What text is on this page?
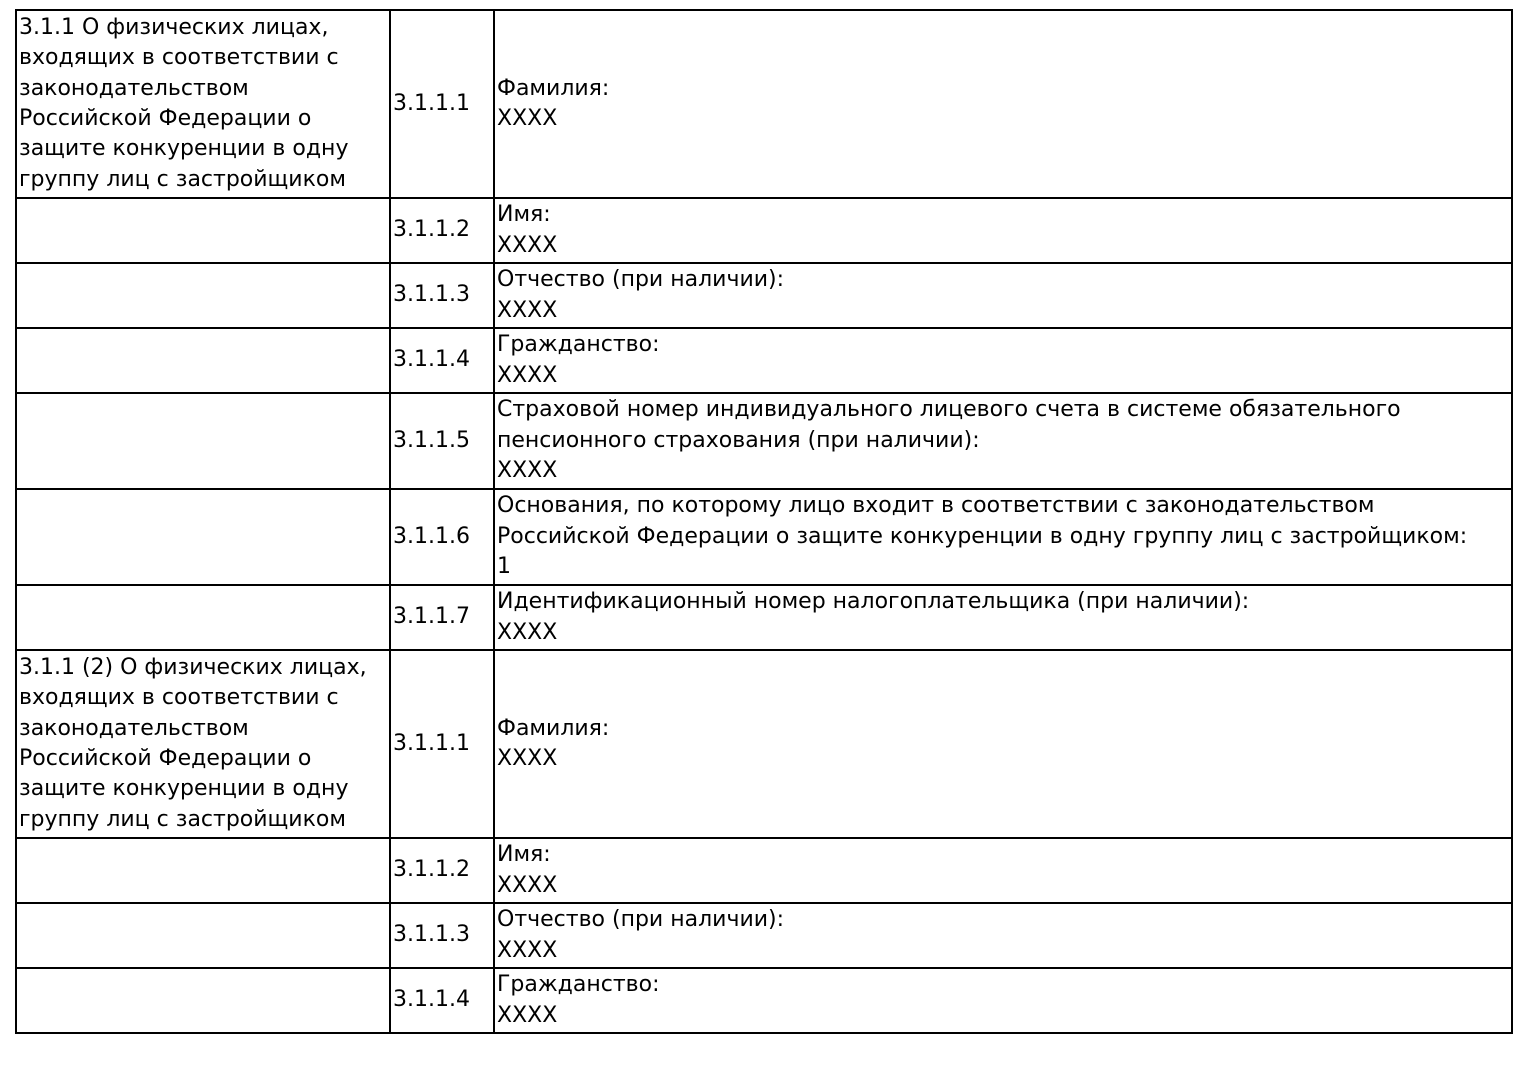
3.1.1 О физических лицах, входящих в соответствии с законодательством Российской Федерации о защите конкуренции в одну группу лиц с застройщиком	3.1.1.1	Фамилия:
XXXX

	3.1.1.2	Имя:
XXXX

	3.1.1.3	Отчество (при наличии):
XXXX

	3.1.1.4	Гражданство:
XXXX

	3.1.1.5	Страховой номер индивидуального лицевого счета в системе обязательного пенсионного страхования (при наличии):
XXXX

	3.1.1.6	Основания, по которому лицо входит в соответствии с законодательством Российской Федерации о защите конкуренции в одну группу лиц с застройщиком:
1

	3.1.1.7	Идентификационный номер налогоплательщика (при наличии):
XXXX

3.1.1 (2) О физических лицах, входящих в соответствии с законодательством Российской Федерации о защите конкуренции в одну группу лиц с застройщиком	3.1.1.1	Фамилия:
XXXX

	3.1.1.2	Имя:
XXXX

	3.1.1.3	Отчество (при наличии):
XXXX

	3.1.1.4	Гражданство:
XXXX
